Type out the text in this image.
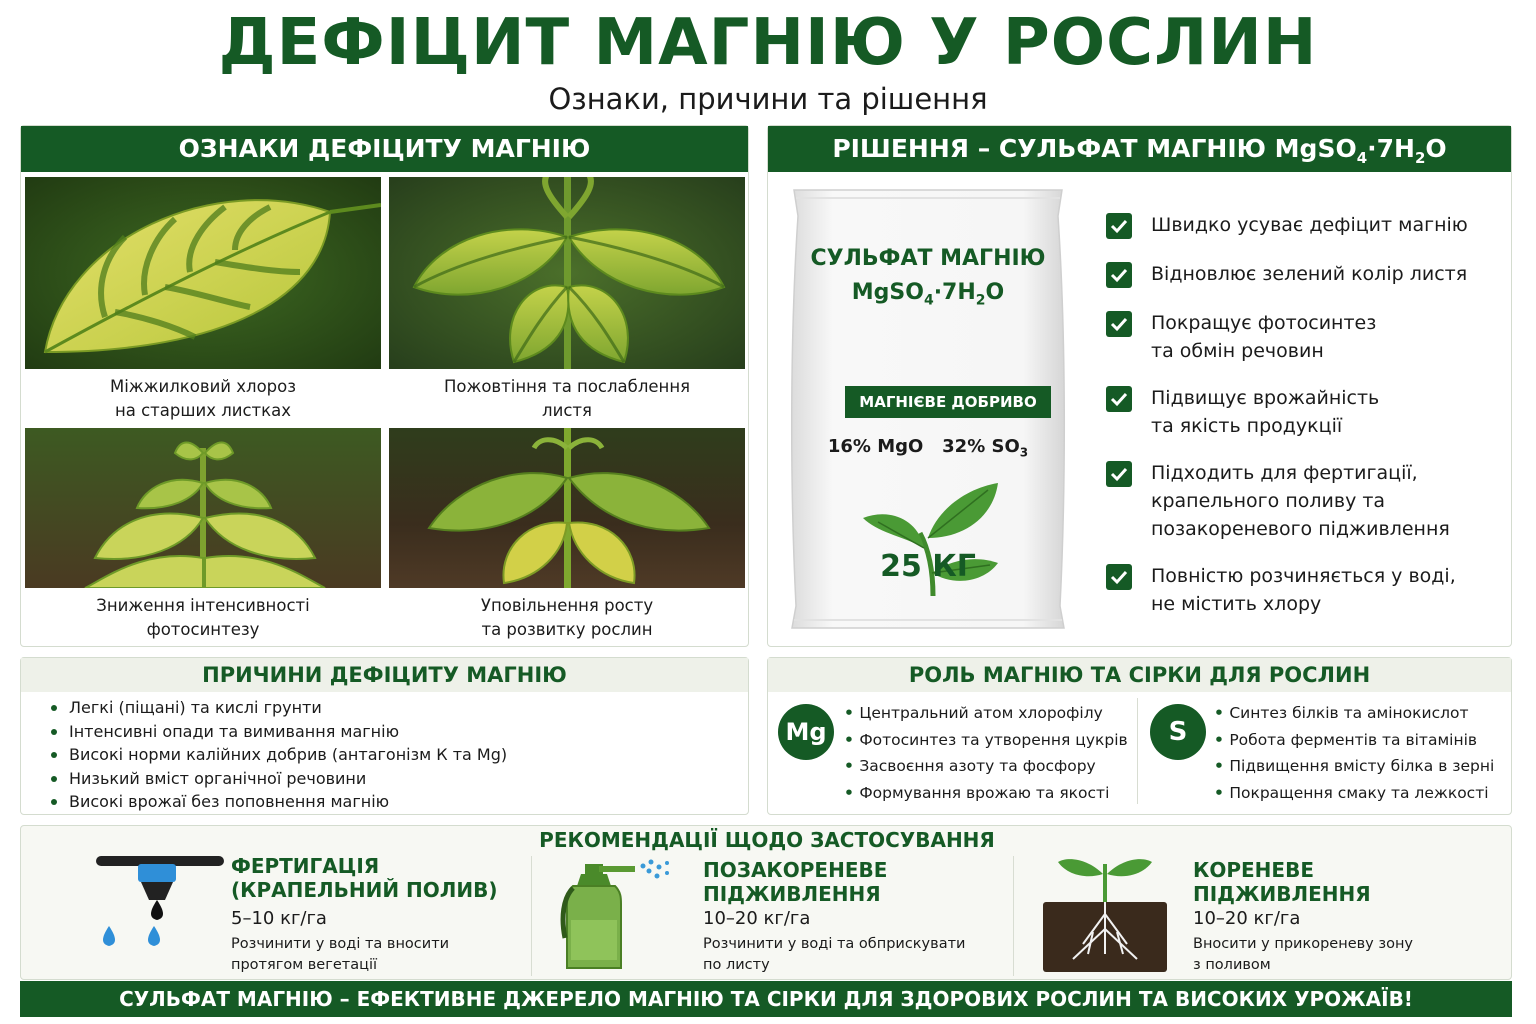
ДЕФІЦИТ МАГНІЮ У РОСЛИН
Ознаки, причини та рішення
ОЗНАКИ ДЕФІЦИТУ МАГНІЮ
Міжжилковий хлороз
на старших листках
Пожовтіння та послаблення
листя
Зниження інтенсивності
фотосинтезу
Уповільнення росту
та розвитку рослин
РІШЕННЯ – СУЛЬФАТ МАГНІЮ $MgSO_4\cdot 7H_2O$
СУЛЬФАТ МАГНІЮ
$MgSO_4\cdot 7H_2O$
МАГНІЄВЕ ДОБРИВО
16% MgO 32% $SO_3$
25 КГ
Швидко усуває дефіцит магнію
Відновлює зелений колір листя
Покращує фотосинтез
та обмін речовин
Підвищує врожайність
та якість продукції
Підходить для фертигації,
крапельного поливу та
позакореневого підживлення
Повністю розчиняється у воді,
не містить хлору
ПРИЧИНИ ДЕФІЦИТУ МАГНІЮ
Легкі (піщані) та кислі грунти
Інтенсивні опади та вимивання магнію
Високі норми калійних добрив (антагонізм К та Mg)
Низький вміст органічної речовини
Високі врожаї без поповнення магнію
РОЛЬ МАГНІЮ ТА СІРКИ ДЛЯ РОСЛИН
Mg
• Центральний атом хлорофілу
• Фотосинтез та утворення цукрів
• Засвоєння азоту та фосфору
• Формування врожаю та якості
S
• Синтез білків та амінокислот
• Робота ферментів та вітамінів
• Підвищення вмісту білка в зерні
• Покращення смаку та лежкості
РЕКОМЕНДАЦІЇ ЩОДО ЗАСТОСУВАННЯ
ФЕРТИГАЦІЯ
(КРАПЕЛЬНИЙ ПОЛИВ)
5–10 кг/га
Розчинити у воді та вносити
протягом вегетації
ПОЗАКОРЕНЕВЕ
ПІДЖИВЛЕННЯ
10–20 кг/га
Розчинити у воді та обприскувати
по листу
КОРЕНЕВЕ
ПІДЖИВЛЕННЯ
10–20 кг/га
Вносити у прикореневу зону
з поливом
СУЛЬФАТ МАГНІЮ – ЕФЕКТИВНЕ ДЖЕРЕЛО МАГНІЮ ТА СІРКИ ДЛЯ ЗДОРОВИХ РОСЛИН ТА ВИСОКИХ УРОЖАЇВ!
